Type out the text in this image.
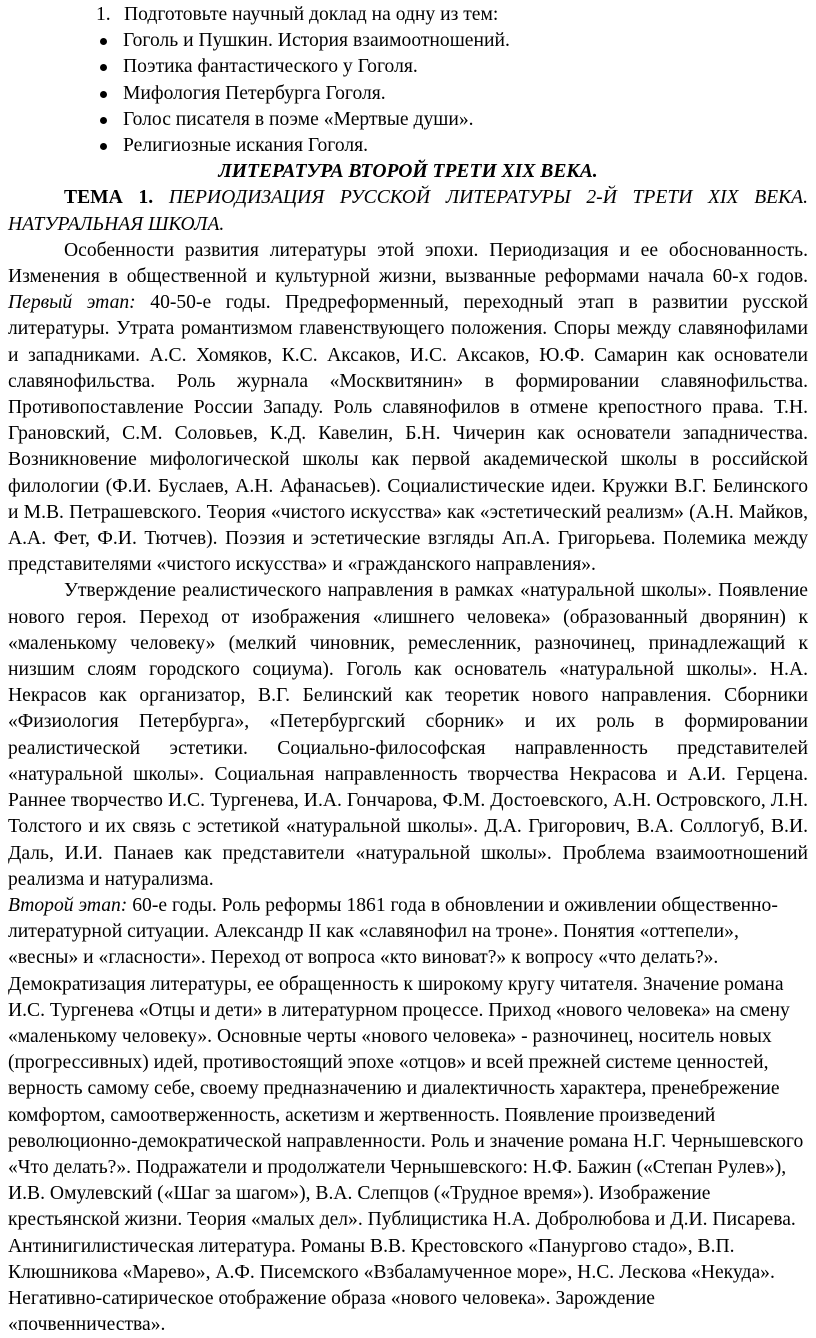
1. Подготовьте научный доклад на одну из тем:
Гоголь и Пушкин. История взаимоотношений.
Поэтика фантастического у Гоголя.
Мифология Петербурга Гоголя.
Голос писателя в поэме «Мертвые души».
Религиозные искания Гоголя.

ЛИТЕРАТУРА ВТОРОЙ ТРЕТИ XIX ВЕКА.

ТЕМА 1. ПЕРИОДИЗАЦИЯ РУССКОЙ ЛИТЕРАТУРЫ 2-Й ТРЕТИ XIX ВЕКА. НАТУРАЛЬНАЯ ШКОЛА.

Особенности развития литературы этой эпохи. Периодизация и ее обоснованность. Изменения в общественной и культурной жизни, вызванные реформами начала 60-х годов. Первый этап: 40-50-е годы. Предреформенный, переходный этап в развитии русской литературы. Утрата романтизмом главенствующего положения. Споры между славянофилами и западниками. А.С. Хомяков, К.С. Аксаков, И.С. Аксаков, Ю.Ф. Самарин как основатели славянофильства. Роль журнала «Москвитянин» в формировании славянофильства. Противопоставление России Западу. Роль славянофилов в отмене крепостного права. Т.Н. Грановский, С.М. Соловьев, К.Д. Кавелин, Б.Н. Чичерин как основатели западничества. Возникновение мифологической школы как первой академической школы в российской филологии (Ф.И. Буслаев, А.Н. Афанасьев). Социалистические идеи. Кружки В.Г. Белинского и М.В. Петрашевского. Теория «чистого искусства» как «эстетический реализм» (А.Н. Майков, А.А. Фет, Ф.И. Тютчев). Поэзия и эстетические взгляды Ап.А. Григорьева. Полемика между представителями «чистого искусства» и «гражданского направления».

Утверждение реалистического направления в рамках «натуральной школы». Появление нового героя. Переход от изображения «лишнего человека» (образованный дворянин) к «маленькому человеку» (мелкий чиновник, ремесленник, разночинец, принадлежащий к низшим слоям городского социума). Гоголь как основатель «натуральной школы». Н.А. Некрасов как организатор, В.Г. Белинский как теоретик нового направления. Сборники «Физиология Петербурга», «Петербургский сборник» и их роль в формировании реалистической эстетики. Социально-философская направленность представителей «натуральной школы». Социальная направленность творчества Некрасова и А.И. Герцена. Раннее творчество И.С. Тургенева, И.А. Гончарова, Ф.М. Достоевского, А.Н. Островского, Л.Н. Толстого и их связь с эстетикой «натуральной школы». Д.А. Григорович, В.А. Соллогуб, В.И. Даль, И.И. Панаев как представители «натуральной школы». Проблема взаимоотношений реализма и натурализма.

Второй этап: 60-е годы. Роль реформы 1861 года в обновлении и оживлении общественно-литературной ситуации. Александр II как «славянофил на троне». Понятия «оттепели», «весны» и «гласности». Переход от вопроса «кто виноват?» к вопросу «что делать?». Демократизация литературы, ее обращенность к широкому кругу читателя. Значение романа И.С. Тургенева «Отцы и дети» в литературном процессе. Приход «нового человека» на смену «маленькому человеку». Основные черты «нового человека» - разночинец, носитель новых (прогрессивных) идей, противостоящий эпохе «отцов» и всей прежней системе ценностей, верность самому себе, своему предназначению и диалектичность характера, пренебрежение комфортом, самоотверженность, аскетизм и жертвенность. Появление произведений революционно-демократической направленности. Роль и значение романа Н.Г. Чернышевского «Что делать?». Подражатели и продолжатели Чернышевского: Н.Ф. Бажин («Степан Рулев»), И.В. Омулевский («Шаг за шагом»), В.А. Слепцов («Трудное время»). Изображение крестьянской жизни. Теория «малых дел». Публицистика Н.А. Добролюбова и Д.И. Писарева. Антинигилистическая литература. Романы В.В. Крестовского «Панургово стадо», В.П. Клюшникова «Марево», А.Ф. Писемского «Взбаламученное море», Н.С. Лескова «Некуда». Негативно-сатирическое отображение образа «нового человека». Зарождение «почвенничества».
